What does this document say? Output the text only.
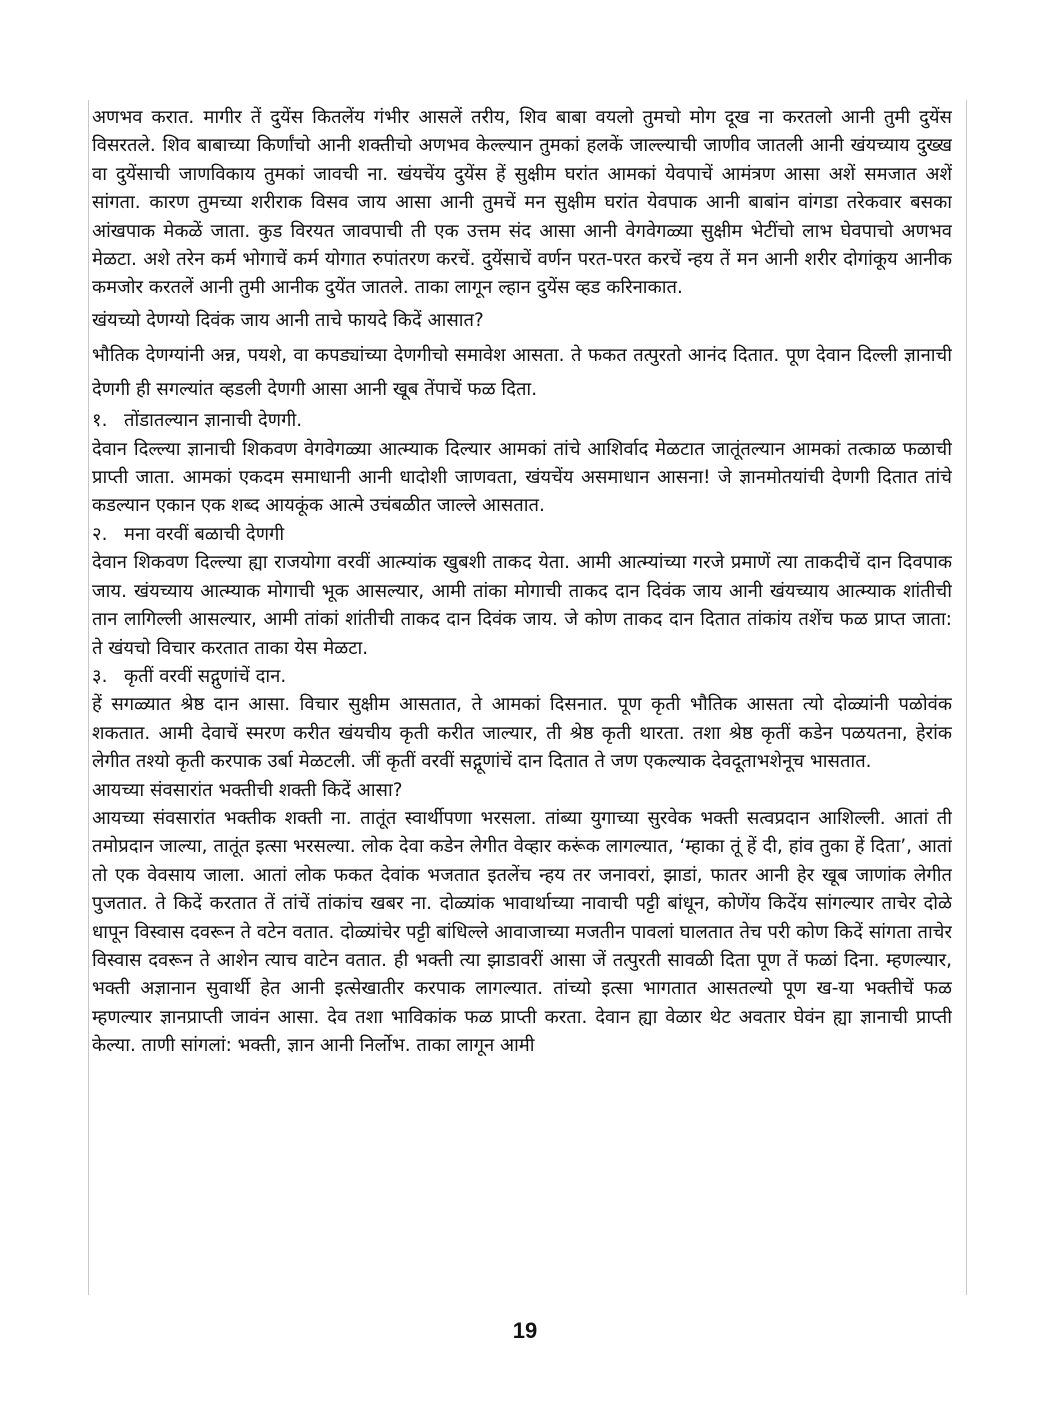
अणभव करात. मागीर तें दुयेंस कितलेंय गंभीर आसलें तरीय, शिव बाबा वयलो तुमचो मोग दूख ना करतलो आनी तुमी दुयेंस विसरतले. शिव बाबाच्या किर्णांचो आनी शक्तीचो अणभव केल्ल्यान तुमकां हलकें जाल्ल्याची जाणीव जातली आनी खंयच्याय दुख्ख वा दुयेंसाची जाणविकाय तुमकां जावची ना. खंयचेंय दुयेंस हें सुक्षीम घरांत आमकां येवपाचें आमंत्रण आसा अशें समजात अशें सांगता. कारण तुमच्या शरीराक विसव जाय आसा आनी तुमचें मन सुक्षीम घरांत येवपाक आनी बाबांन वांगडा तरेकवार बसका आंखपाक मेकळें जाता. कुड विरयत जावपाची ती एक उत्तम संद आसा आनी वेगवेगळ्या सुक्षीम भेटींचो लाभ घेवपाचो अणभव मेळटा. अशे तरेन कर्म भोगाचें कर्म योगात रुपांतरण करचें. दुयेंसाचें वर्णन परत-परत करचें न्हय तें मन आनी शरीर दोगांकूय आनीक कमजोर करतलें आनी तुमी आनीक दुयेंत जातले. ताका लागून ल्हान दुयेंस व्हड करिनाकात.

खंयच्यो देणग्यो दिवंक जाय आनी ताचे फायदे किदें आसात?

भौतिक देणग्यांनी अन्न, पयशे, वा कपड्यांच्या देणगीचो समावेश आसता. ते फकत तत्पुरतो आनंद दितात. पूण देवान दिल्ली ज्ञानाची देणगी ही सगल्यांत व्हडली देणगी आसा आनी खूब तेंपाचें फळ दिता.

१. तोंडातल्यान ज्ञानाची देणगी.

देवान दिल्ल्या ज्ञानाची शिकवण वेगवेगळ्या आत्म्याक दिल्यार आमकां तांचे आशिर्वाद मेळटात जातूंतल्यान आमकां तत्काळ फळाची प्राप्ती जाता. आमकां एकदम समाधानी आनी धादोशी जाणवता, खंयचेंय असमाधान आसना! जे ज्ञानमोतयांची देणगी दितात तांचे कडल्यान एकान एक शब्द आयकूंक आत्मे उचंबळीत जाल्ले आसतात.

२. मना वरवीं बळाची देणगी

देवान शिकवण दिल्ल्या ह्या राजयोगा वरवीं आत्म्यांक खुबशी ताकद येता. आमी आत्म्यांच्या गरजे प्रमाणें त्या ताकदीचें दान दिवपाक जाय. खंयच्याय आत्म्याक मोगाची भूक आसल्यार, आमी तांका मोगाची ताकद दान दिवंक जाय आनी खंयच्याय आत्म्याक शांतीची तान लागिल्ली आसल्यार, आमी तांकां शांतीची ताकद दान दिवंक जाय. जे कोण ताकद दान दितात तांकांय तशेंच फळ प्राप्त जाता: ते खंयचो विचार करतात ताका येस मेळटा.

३. कृतीं वरवीं सद्गुणांचें दान.

हें सगळ्यात श्रेष्ठ दान आसा. विचार सुक्षीम आसतात, ते आमकां दिसनात. पूण कृती भौतिक आसता त्यो दोळ्यांनी पळोवंक शकतात. आमी देवाचें स्मरण करीत खंयचीय कृती करीत जाल्यार, ती श्रेष्ठ कृती थारता. तशा श्रेष्ठ कृतीं कडेन पळयतना, हेरांक लेगीत तश्यो कृती करपाक उर्बा मेळटली. जीं कृतीं वरवीं सद्गूणांचें दान दितात ते जण एकल्याक देवदूताभशेनूच भासतात.

आयच्या संवसारांत भक्तीची शक्ती किदें आसा?

आयच्या संवसारांत भक्तीक शक्ती ना. तातूंत स्वार्थीपणा भरसला. तांब्या युगाच्या सुरवेक भक्ती सत्वप्रदान आशिल्ली. आतां ती तमोप्रदान जाल्या, तातूंत इत्सा भरसल्या. लोक देवा कडेन लेगीत वेव्हार करूंक लागल्यात, ‘म्हाका तूं हें दी, हांव तुका हें दिता’, आतां तो एक वेवसाय जाला. आतां लोक फकत देवांक भजतात इतलेंच न्हय तर जनावरां, झाडां, फातर आनी हेर खूब जाणांक लेगीत पुजतात. ते किदें करतात तें तांचें तांकांच खबर ना. दोळ्यांक भावार्थाच्या नावाची पट्टी बांधून, कोणेंय किदेंय सांगल्यार ताचेर दोळे धापून विस्वास दवरून ते वटेन वतात. दोळ्यांचेर पट्टी बांधिल्ले आवाजाच्या मजतीन पावलां घालतात तेच परी कोण किदें सांगता ताचेर विस्वास दवरून ते आशेन त्याच वाटेन वतात. ही भक्ती त्या झाडावरीं आसा जें तत्पुरती सावळी दिता पूण तें फळां दिना. म्हणल्यार, भक्ती अज्ञानान सुवार्थी हेत आनी इत्सेखातीर करपाक लागल्यात. तांच्यो इत्सा भागतात आसतल्यो पूण ख-या भक्तीचें फळ म्हणल्यार ज्ञानप्राप्ती जावंन आसा. देव तशा भाविकांक फळ प्राप्ती करता. देवान ह्या वेळार थेट अवतार घेवंन ह्या ज्ञानाची प्राप्ती केल्या. ताणी सांगलां: भक्ती, ज्ञान आनी निर्लोभ. ताका लागून आमी

19
